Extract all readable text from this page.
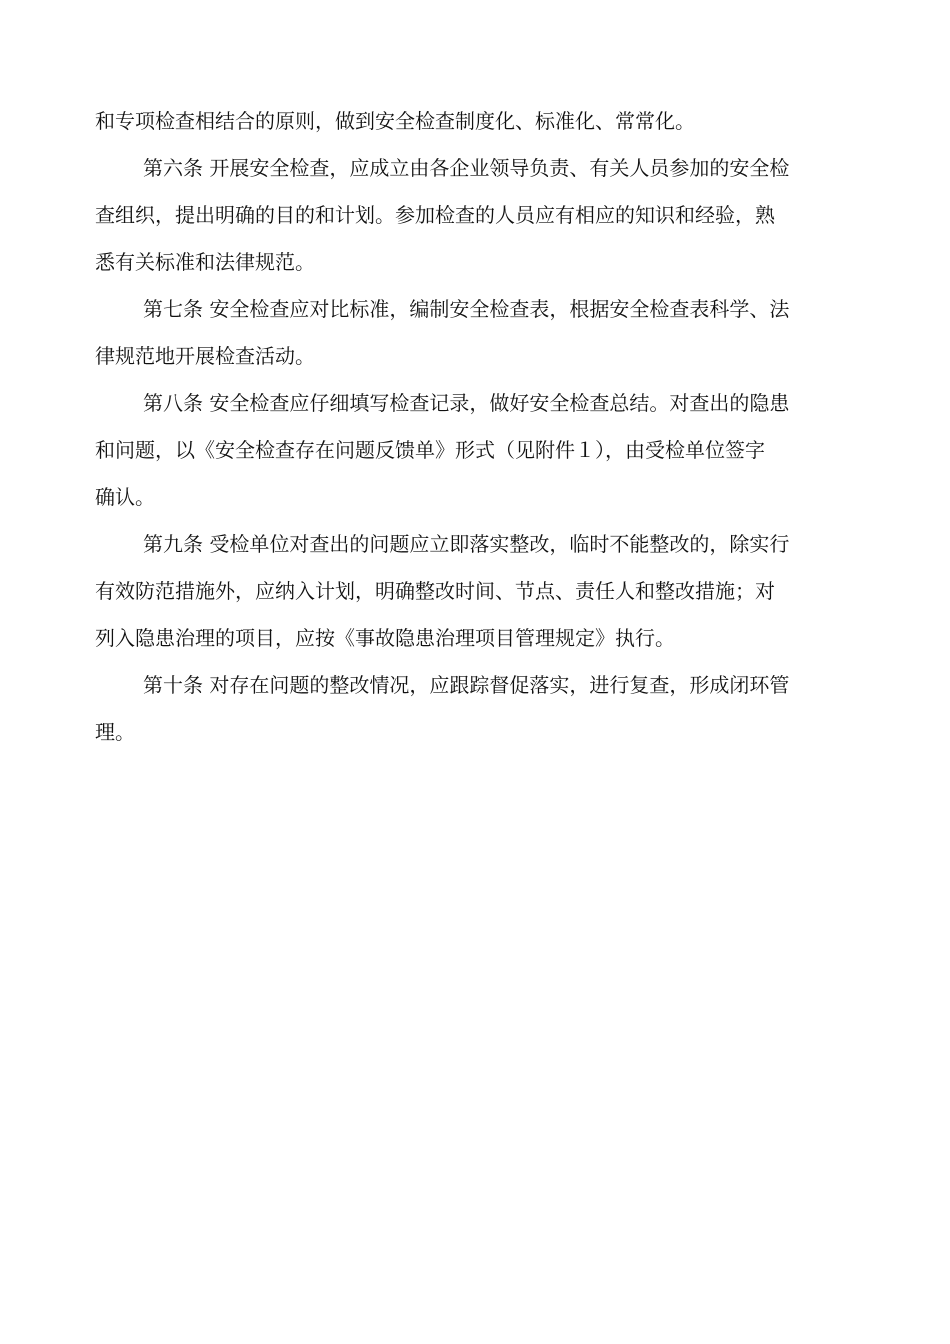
和专项检查相结合的原则，做到安全检查制度化、标准化、常常化。

第六条 开展安全检查，应成立由各企业领导负责、有关人员参加的安全检
查组织，提出明确的目的和计划。参加检查的人员应有相应的知识和经验，熟
悉有关标准和法律规范。

第七条 安全检查应对比标准，编制安全检查表，根据安全检查表科学、法
律规范地开展检查活动。

第八条 安全检查应仔细填写检查记录，做好安全检查总结。对查出的隐患
和问题，以《安全检查存在问题反馈单》形式（见附件１），由受检单位签字
确认。

第九条 受检单位对查出的问题应立即落实整改，临时不能整改的，除实行
有效防范措施外，应纳入计划，明确整改时间、节点、责任人和整改措施；对
列入隐患治理的项目，应按《事故隐患治理项目管理规定》执行。

第十条 对存在问题的整改情况，应跟踪督促落实，进行复查，形成闭环管
理。
